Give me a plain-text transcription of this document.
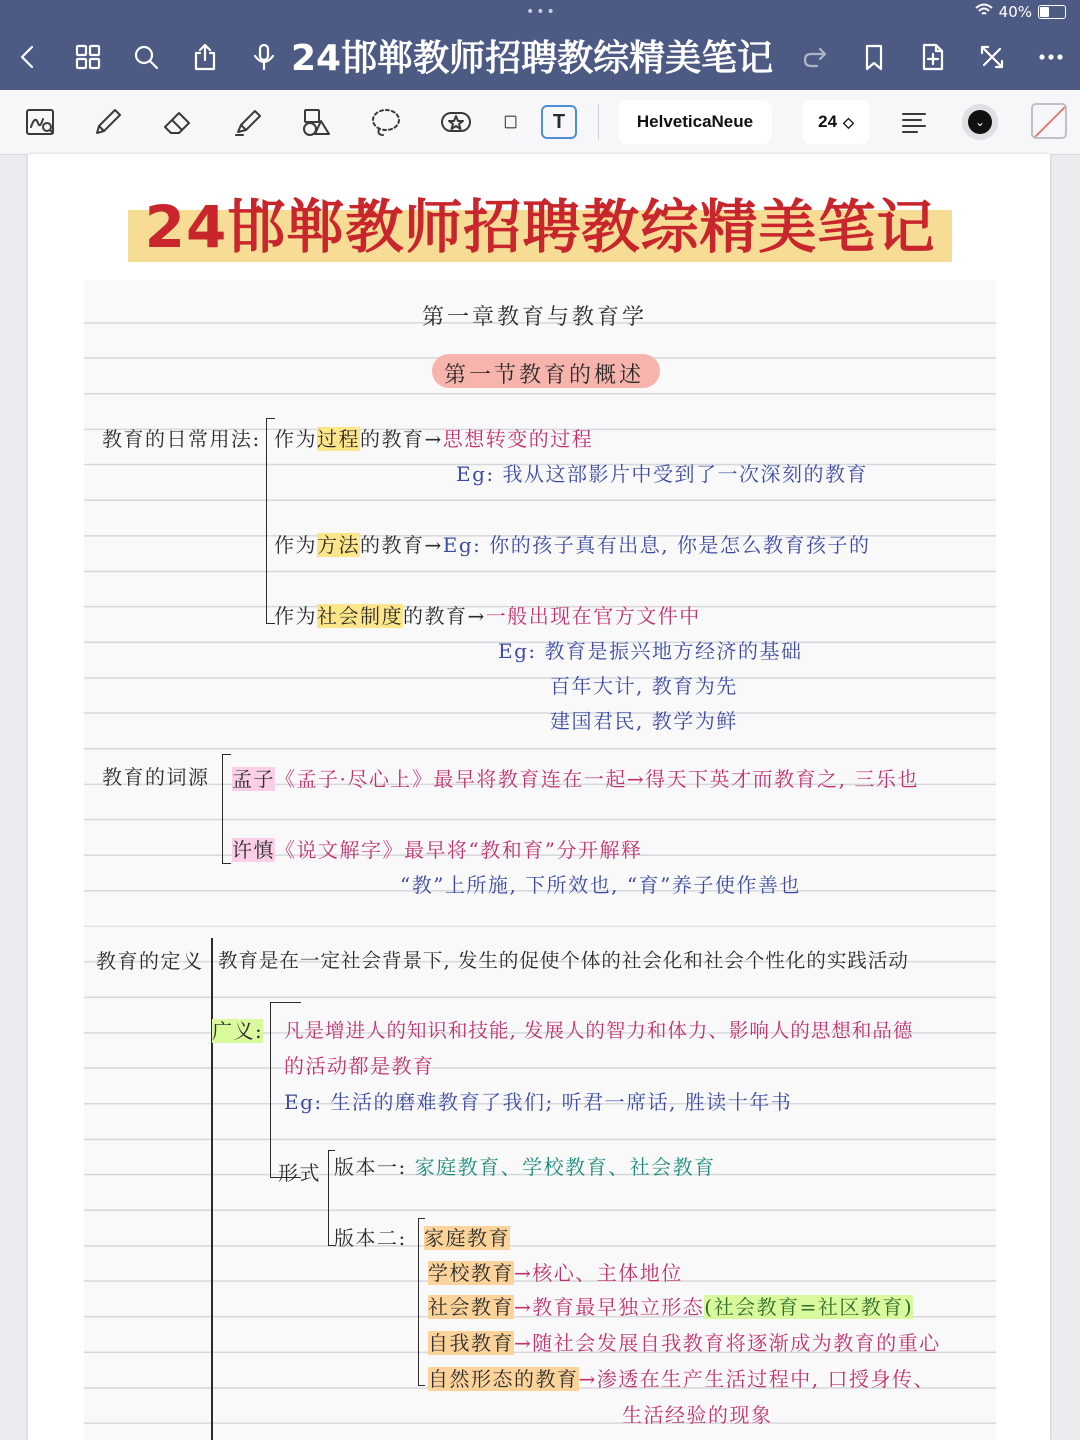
•••	40%
24邯郸教师招聘教综精美笔记
T	HelveticaNeue	24 ◇	⌄
24邯郸教师招聘教综精美笔记
第一章教育与教育学
第一节教育的概述
教育的日常用法: 作为过程的教育→思想转变的过程
Eg: 我从这部影片中受到了一次深刻的教育
作为方法的教育→Eg: 你的孩子真有出息, 你是怎么教育孩子的
作为社会制度的教育→一般出现在官方文件中
Eg: 教育是振兴地方经济的基础
百年大计, 教育为先
建国君民, 教学为鲜
教育的词源 孟子《孟子·尽心上》最早将教育连在一起→得天下英才而教育之, 三乐也
许慎《说文解字》最早将“教和育”分开解释
“教”上所施, 下所效也, “育”养子使作善也
教育的定义 教育是在一定社会背景下, 发生的促使个体的社会化和社会个性化的实践活动
广义: 凡是增进人的知识和技能, 发展人的智力和体力、影响人的思想和品德
的活动都是教育
Eg: 生活的磨难教育了我们; 听君一席话, 胜读十年书
形式 版本一: 家庭教育、学校教育、社会教育
版本二: 家庭教育
学校教育→核心、主体地位
社会教育→教育最早独立形态(社会教育=社区教育)
自我教育→随社会发展自我教育将逐渐成为教育的重心
自然形态的教育→渗透在生产生活过程中, 口授身传、
生活经验的现象
